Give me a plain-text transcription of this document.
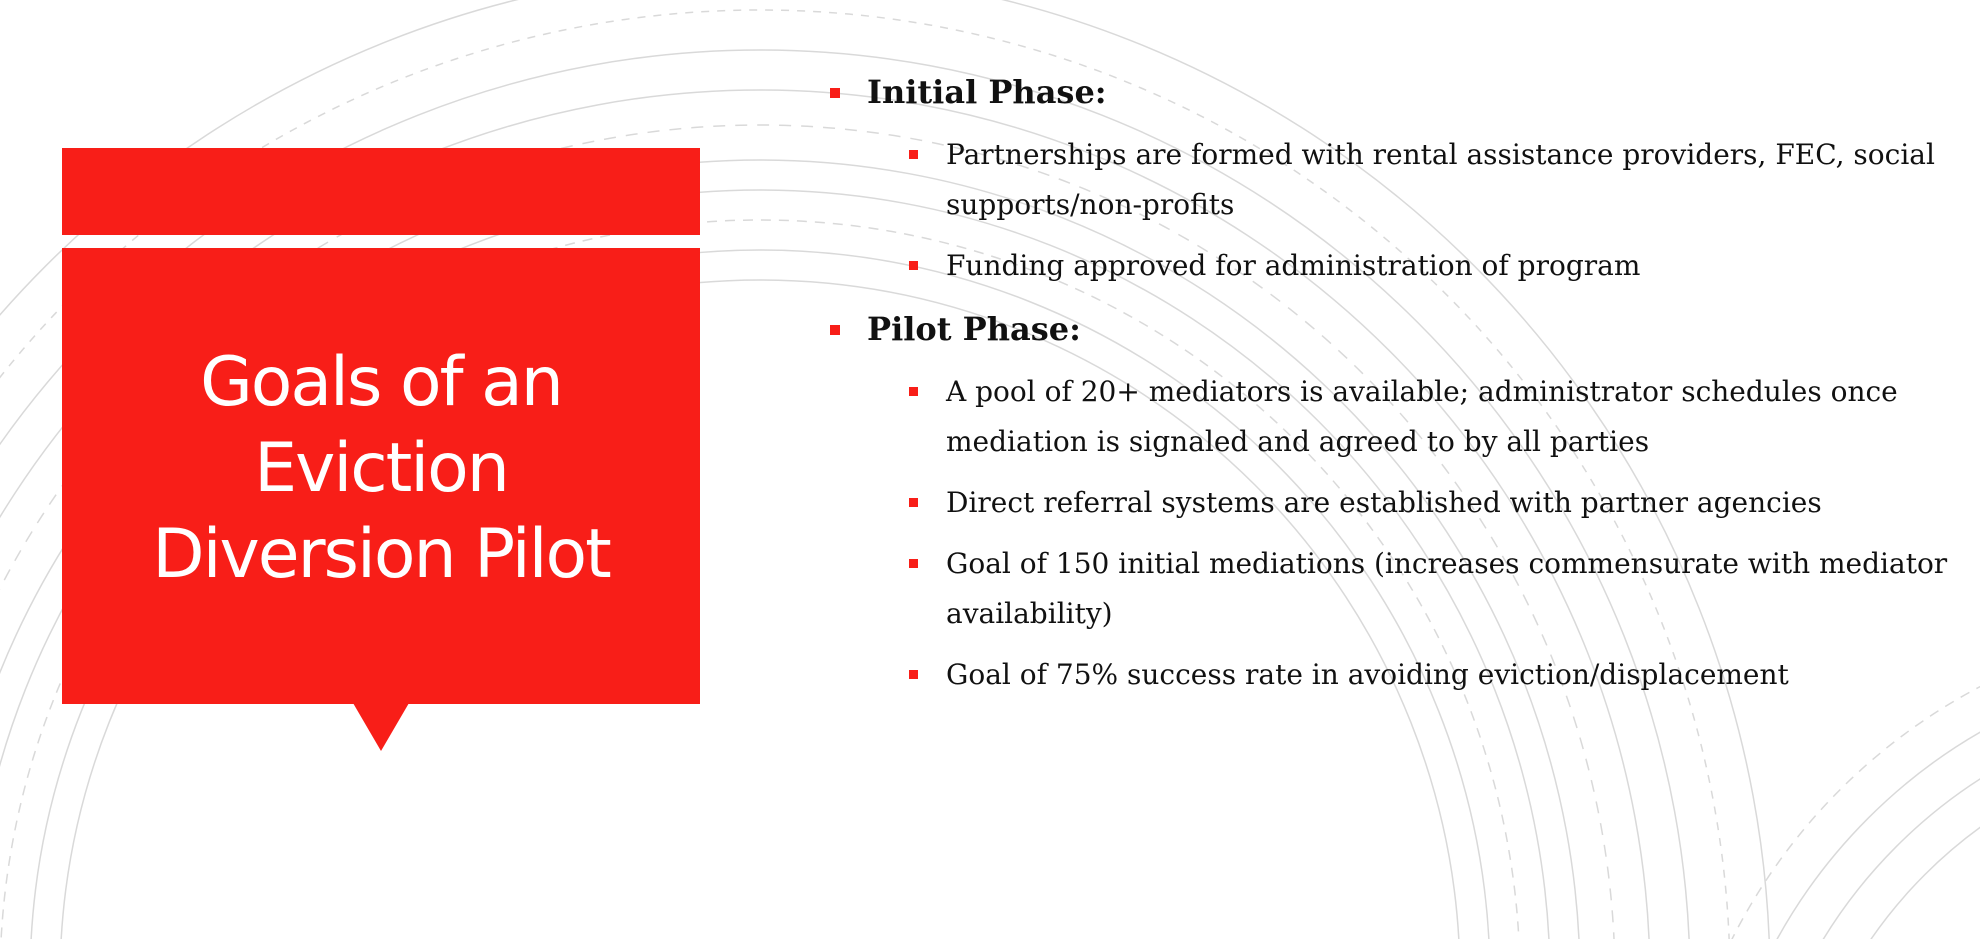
Goals of an Eviction Diversion Pilot
Initial Phase:
Partnerships are formed with rental assistance providers, FEC, social supports/non-profits
Funding approved for administration of program
Pilot Phase:
A pool of 20+ mediators is available; administrator schedules once mediation is signaled and agreed to by all parties
Direct referral systems are established with partner agencies
Goal of 150 initial mediations (increases commensurate with mediator availability)
Goal of 75% success rate in avoiding eviction/displacement
